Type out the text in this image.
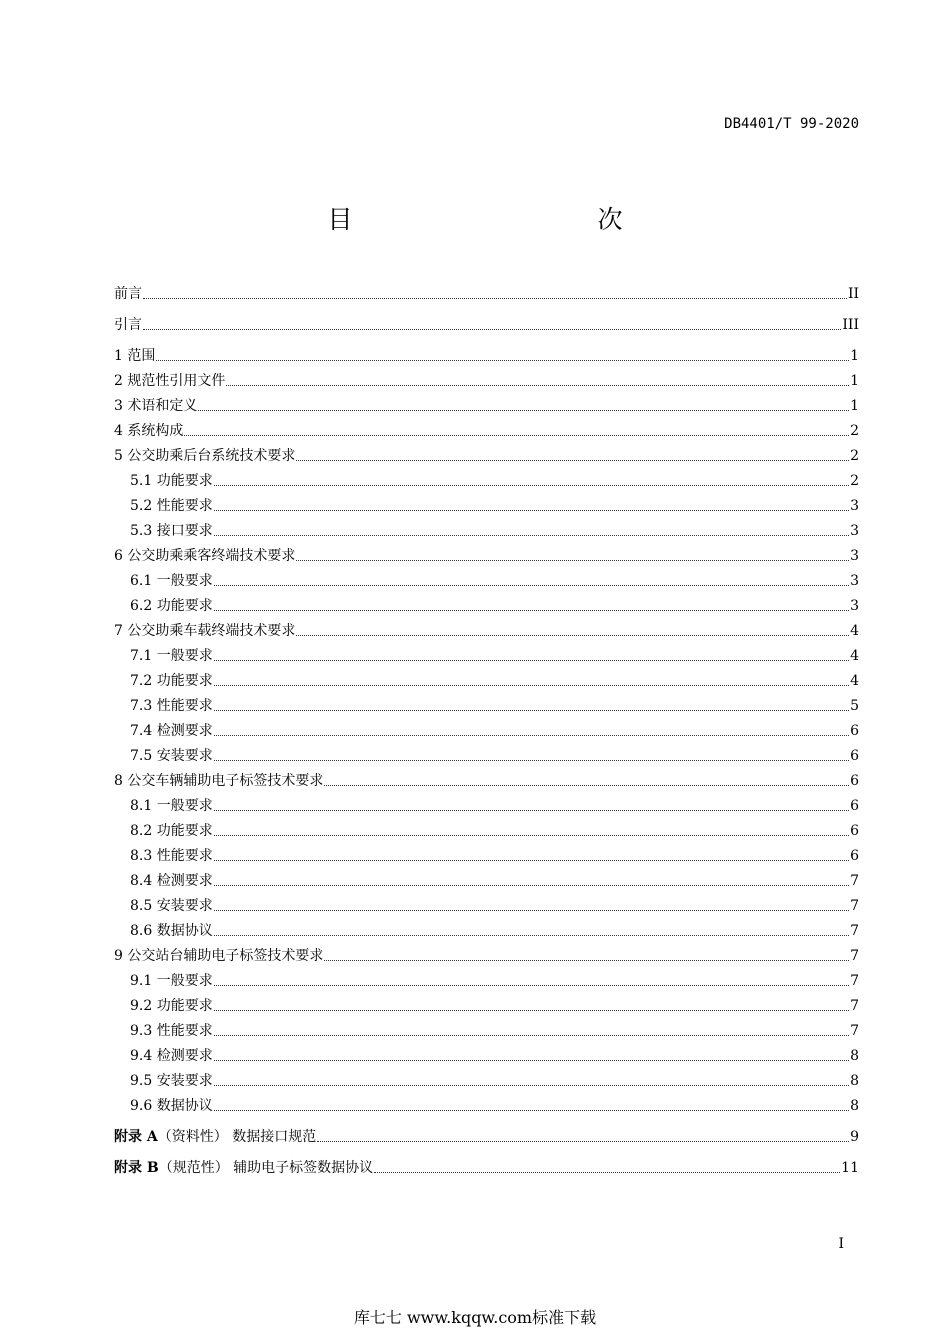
DB4401/T 99-2020
目　　次
前言	II
引言	III
1 范围	1
2 规范性引用文件	1
3 术语和定义	1
4 系统构成	2
5 公交助乘后台系统技术要求	2
5.1 功能要求	2
5.2 性能要求	3
5.3 接口要求	3
6 公交助乘乘客终端技术要求	3
6.1 一般要求	3
6.2 功能要求	3
7 公交助乘车载终端技术要求	4
7.1 一般要求	4
7.2 功能要求	4
7.3 性能要求	5
7.4 检测要求	6
7.5 安装要求	6
8 公交车辆辅助电子标签技术要求	6
8.1 一般要求	6
8.2 功能要求	6
8.3 性能要求	6
8.4 检测要求	7
8.5 安装要求	7
8.6 数据协议	7
9 公交站台辅助电子标签技术要求	7
9.1 一般要求	7
9.2 功能要求	7
9.3 性能要求	7
9.4 检测要求	8
9.5 安装要求	8
9.6 数据协议	8
附录 A（资料性） 数据接口规范	9
附录 B（规范性） 辅助电子标签数据协议	11
I
库七七 www.kqqw.com标准下载
